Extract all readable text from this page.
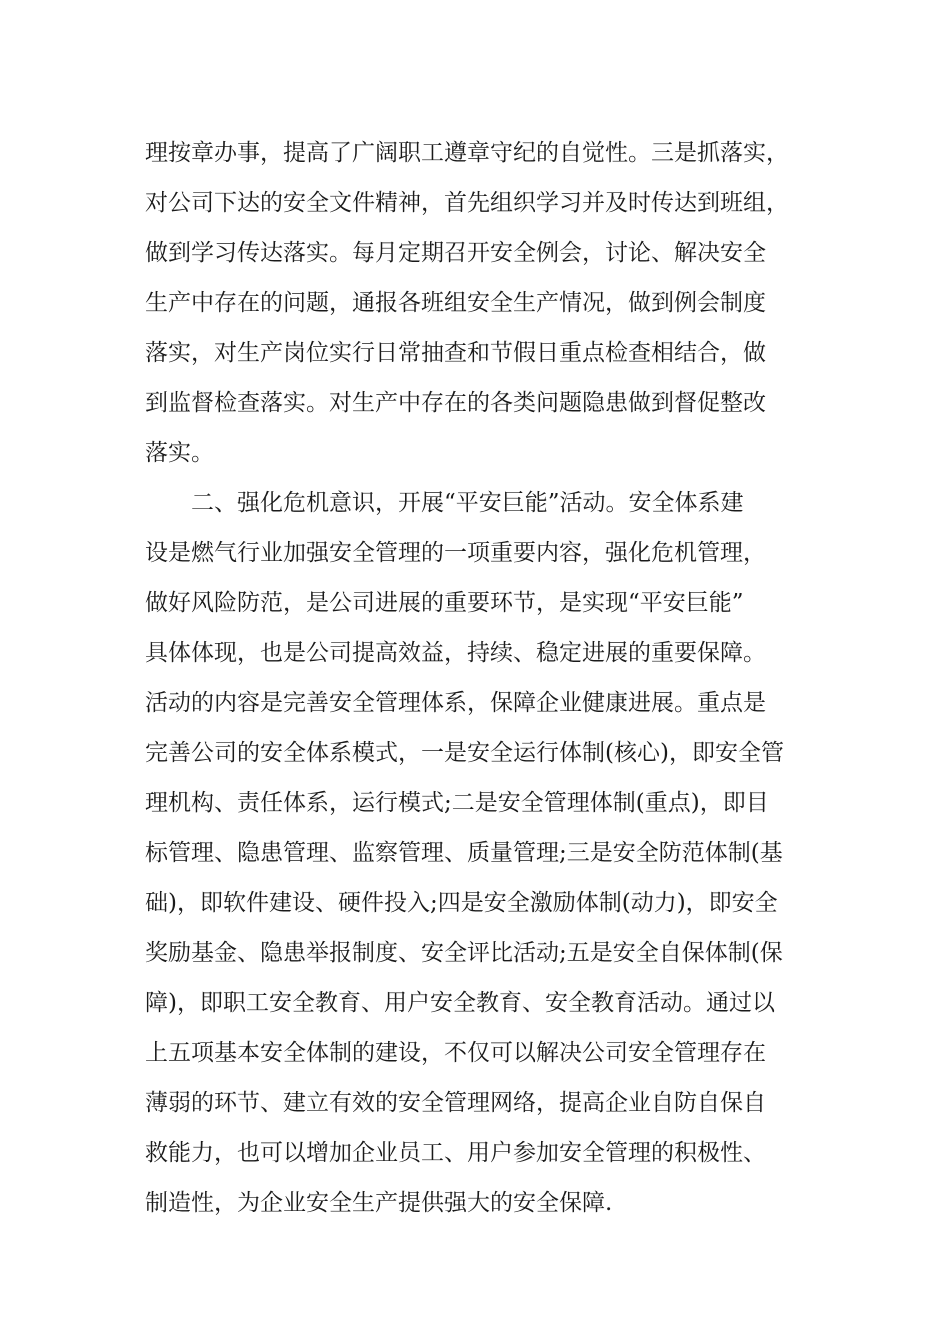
理按章办事，提高了广阔职工遵章守纪的自觉性。三是抓落实，
对公司下达的安全文件精神，首先组织学习并及时传达到班组，
做到学习传达落实。每月定期召开安全例会，讨论、解决安全
生产中存在的问题，通报各班组安全生产情况，做到例会制度
落实，对生产岗位实行日常抽查和节假日重点检查相结合，做
到监督检查落实。对生产中存在的各类问题隐患做到督促整改
落实。
二、强化危机意识，开展“平安巨能”活动。安全体系建
设是燃气行业加强安全管理的一项重要内容，强化危机管理，
做好风险防范，是公司进展的重要环节，是实现“平安巨能”
具体体现，也是公司提高效益，持续、稳定进展的重要保障。
活动的内容是完善安全管理体系，保障企业健康进展。重点是
完善公司的安全体系模式，一是安全运行体制(核心)，即安全管
理机构、责任体系，运行模式;二是安全管理体制(重点)，即目
标管理、隐患管理、监察管理、质量管理;三是安全防范体制(基
础)，即软件建设、硬件投入;四是安全激励体制(动力)，即安全
奖励基金、隐患举报制度、安全评比活动;五是安全自保体制(保
障)，即职工安全教育、用户安全教育、安全教育活动。通过以
上五项基本安全体制的建设，不仅可以解决公司安全管理存在
薄弱的环节、建立有效的安全管理网络，提高企业自防自保自
救能力，也可以增加企业员工、用户参加安全管理的积极性、
制造性，为企业安全生产提供强大的安全保障.
